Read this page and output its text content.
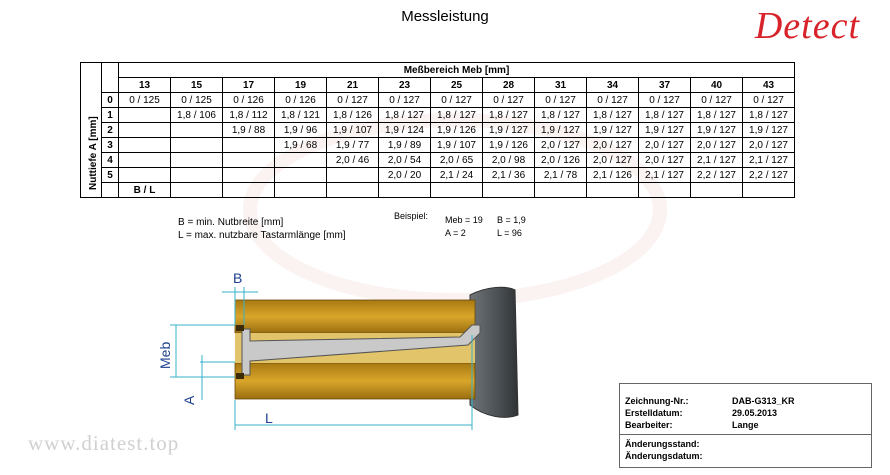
Messleistung	Detect
		Meßbereich Meb [mm]												
		13	15	17	19	21	23	25	28	31	34	37	40	43
	0	0 / 125	0 / 125	0 / 126	0 / 126	0 / 127	0 / 127	0 / 127	0 / 127	0 / 127	0 / 127	0 / 127	0 / 127	0 / 127
	1		1,8 / 106	1,8 / 112	1,8 / 121	1,8 / 126	1,8 / 127	1,8 / 127	1,8 / 127	1,8 / 127	1,8 / 127	1,8 / 127	1,8 / 127	1,8 / 127
	2			1,9 / 88	1,9 / 96	1,9 / 107	1,9 / 124	1,9 / 126	1,9 / 127	1,9 / 127	1,9 / 127	1,9 / 127	1,9 / 127	1,9 / 127
	3				1,9 / 68	1,9 / 77	1,9 / 89	1,9 / 107	1,9 / 126	2,0 / 127	2,0 / 127	2,0 / 127	2,0 / 127	2,0 / 127
	4					2,0 / 46	2,0 / 54	2,0 / 65	2,0 / 98	2,0 / 126	2,0 / 127	2,0 / 127	2,1 / 127	2,1 / 127
	5						2,0 / 20	2,1 / 24	2,1 / 36	2,1 / 78	2,1 / 126	2,1 / 127	2,2 / 127	2,2 / 127
		B / L												
Nuttiefe A [mm]
B = min. Nutbreite [mm]
L = max. nutzbare Tastarmlänge [mm]
Beispiel: Meb = 19 B = 1,9
A = 2	L = 96
B
Meb
A
L
www.diatest.top
Zeichnung-Nr.:	DAB-G313_KR
Erstelldatum:	29.05.2013
Bearbeiter:	Lange
Änderungsstand:
Änderungsdatum:
